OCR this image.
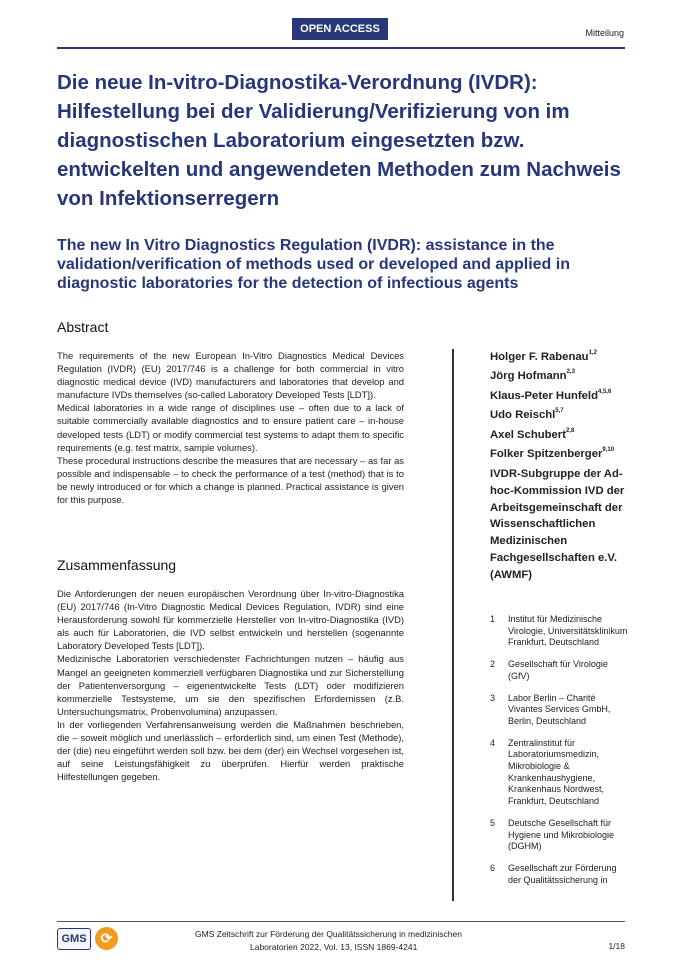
OPEN ACCESS	Mitteilung
Die neue In-vitro-Diagnostika-Verordnung (IVDR): Hilfestellung bei der Validierung/Verifizierung von im diagnostischen Laboratorium eingesetzten bzw. entwickelten und angewendeten Methoden zum Nachweis von Infektionserregern
The new In Vitro Diagnostics Regulation (IVDR): assistance in the validation/verification of methods used or developed and applied in diagnostic laboratories for the detection of infectious agents
Abstract

The requirements of the new European In-Vitro Diagnostics Medical Devices Regulation (IVDR) (EU) 2017/746 is a challenge for both commercial in vitro diagnostic medical device (IVD) manufacturers and laboratories that develop and manufacture IVDs themselves (so-called Laboratory Developed Tests [LDT]).

Medical laboratories in a wide range of disciplines use – often due to a lack of suitable commercially available diagnostics and to ensure patient care – in-house developed tests (LDT) or modify commercial test systems to adapt them to specific requirements (e.g. test matrix, sample volumes).

These procedural instructions describe the measures that are necessary – as far as possible and indispensable – to check the performance of a test (method) that is to be newly introduced or for which a change is planned. Practical assistance is given for this purpose.

Zusammenfassung

Die Anforderungen der neuen europäischen Verordnung über In-vitro-Diagnostika (EU) 2017/746 (In-Vitro Diagnostic Medical Devices Regulation, IVDR) sind eine Herausforderung sowohl für kommerzielle Hersteller von In-vitro-Diagnostika (IVD) als auch für Laboratorien, die IVD selbst entwickeln und herstellen (sogenannte Laboratory Developed Tests [LDT]).

Medizinische Laboratorien verschiedenster Fachrichtungen nutzen – häufig aus Mangel an geeigneten kommerziell verfügbaren Diagnostika und zur Sicherstellung der Patientenversorgung – eigenentwickelte Tests (LDT) oder modifizieren kommerzielle Testsysteme, um sie den spezifischen Erfordernissen (z.B. Untersuchungsmatrix, Probenvolumina) anzupassen.

In der vorliegenden Verfahrensanweisung werden die Maßnahmen beschrieben, die – soweit möglich und unerlässlich – erforderlich sind, um einen Test (Methode), der (die) neu eingeführt werden soll bzw. bei dem (der) ein Wechsel vorgesehen ist, auf seine Leistungsfähigkeit zu überprüfen. Hierfür werden praktische Hilfestellungen gegeben.

Holger F. Rabenau$^{1,2}$
Jörg Hofmann$^{2,3}$
Klaus-Peter Hunfeld$^{4,5,6}$
Udo Reischl$^{5,7}$
Axel Schubert$^{2,8}$
Folker Spitzenberger$^{9,10}$
IVDR-Subgruppe der Ad-hoc-Kommission IVD der Arbeitsgemeinschaft der Wissenschaftlichen Medizinischen Fachgesellschaften e.V. (AWMF)
1	Institut für Medizinische Virologie, Universitätsklinikum Frankfurt, Deutschland
2	Gesellschaft für Virologie (GfV)
3	Labor Berlin – Charité Vivantes Services GmbH, Berlin, Deutschland
4	Zentralinstitut für Laboratoriumsmedizin, Mikrobiologie & Krankenhaushygiene, Krankenhaus Nordwest, Frankfurt, Deutschland
5	Deutsche Gesellschaft für Hygiene und Mikrobiologie (DGHM)
6	Gesellschaft zur Förderung der Qualitätssicherung in
GMS	⟳	GMS Zeitschrift zur Förderung der Qualitätssicherung in medizinischen
Laboratorien 2022, Vol. 13, ISSN 1869-4241	1/18
